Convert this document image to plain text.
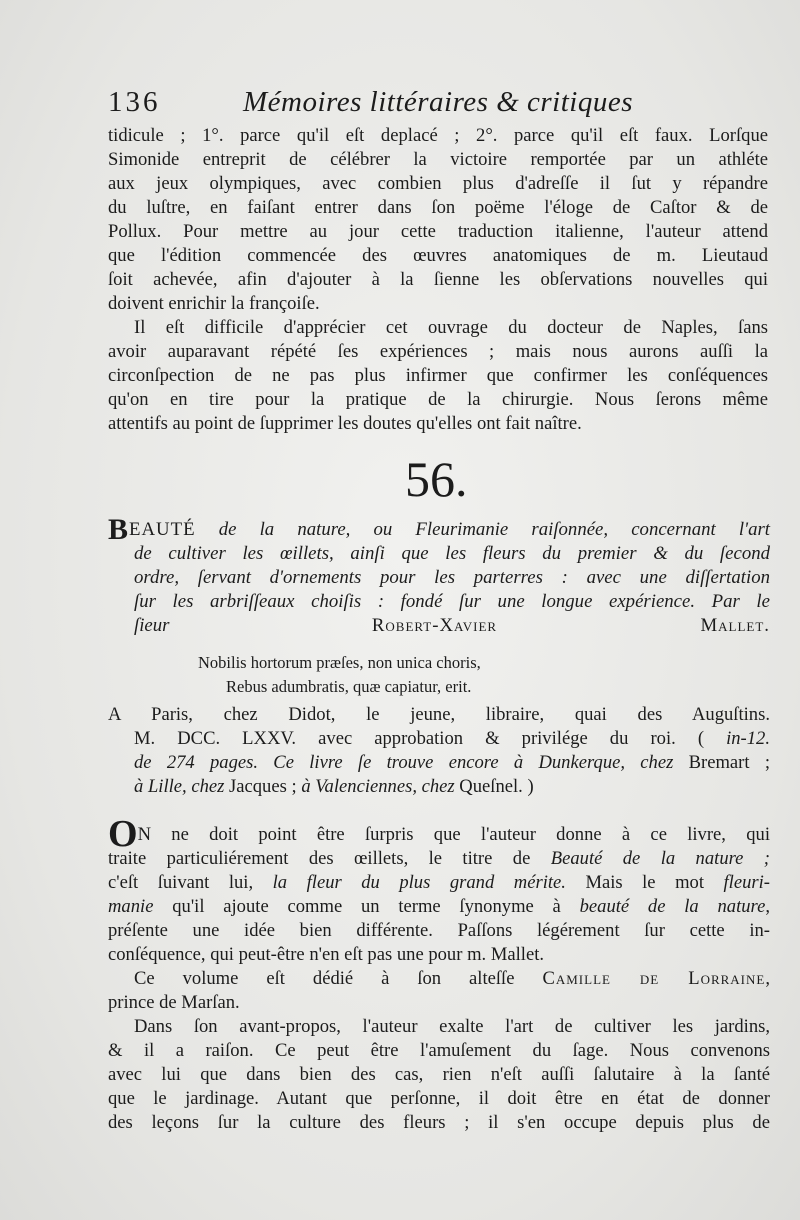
136	Mémoires littéraires & critiques
tidicule ; 1°. parce qu'il eſt deplacé ; 2°. parce qu'il eſt faux. Lorſque
Simonide entreprit de célébrer la victoire remportée par un athléte
aux jeux olympiques, avec combien plus d'adreſſe il ſut y répandre
du luſtre, en faiſant entrer dans ſon poëme l'éloge de Caſtor & de
Pollux. Pour mettre au jour cette traduction italienne, l'auteur attend
que l'édition commencée des œuvres anatomiques de m. Lieutaud
ſoit achevée, afin d'ajouter à la ſienne les obſervations nouvelles qui
doivent enrichir la françoiſe.
Il eſt difficile d'apprécier cet ouvrage du docteur de Naples, ſans
avoir auparavant répété ſes expériences ; mais nous aurons auſſi la
circonſpection de ne pas plus infirmer que confirmer les conſéquences
qu'on en tire pour la pratique de la chirurgie. Nous ſerons même
attentifs au point de ſupprimer les doutes qu'elles ont fait naître.
56.
BEAUTÉ de la nature, ou Fleurimanie raiſonnée, concernant l'art
de cultiver les œillets, ainſi que les fleurs du premier & du ſecond
ordre, ſervant d'ornements pour les parterres : avec une diſſertation
ſur les arbriſſeaux choiſis : fondé ſur une longue expérience. Par le
ſieur Robert-Xavier Mallet.
Nobilis hortorum præſes, non unica choris,
Rebus adumbratis, quæ capiatur, erit.
A Paris, chez Didot, le jeune, libraire, quai des Auguſtins.
M. DCC. LXXV. avec approbation & privilége du roi. ( in-12.
de 274 pages. Ce livre ſe trouve encore à Dunkerque, chez Bremart ;
à Lille, chez Jacques ; à Valenciennes, chez Queſnel. )
ON ne doit point être ſurpris que l'auteur donne à ce livre, qui
traite particuliérement des œillets, le titre de Beauté de la nature ;
c'eſt ſuivant lui, la fleur du plus grand mérite. Mais le mot fleuri-
manie qu'il ajoute comme un terme ſynonyme à beauté de la nature,
préſente une idée bien différente. Paſſons légérement ſur cette in-
conſéquence, qui peut-être n'en eſt pas une pour m. Mallet.
Ce volume eſt dédié à ſon alteſſe Camille de Lorraine,
prince de Marſan.
Dans ſon avant-propos, l'auteur exalte l'art de cultiver les jardins,
& il a raiſon. Ce peut être l'amuſement du ſage. Nous convenons
avec lui que dans bien des cas, rien n'eſt auſſi ſalutaire à la ſanté
que le jardinage. Autant que perſonne, il doit être en état de donner
des leçons ſur la culture des fleurs ; il s'en occupe depuis plus de
